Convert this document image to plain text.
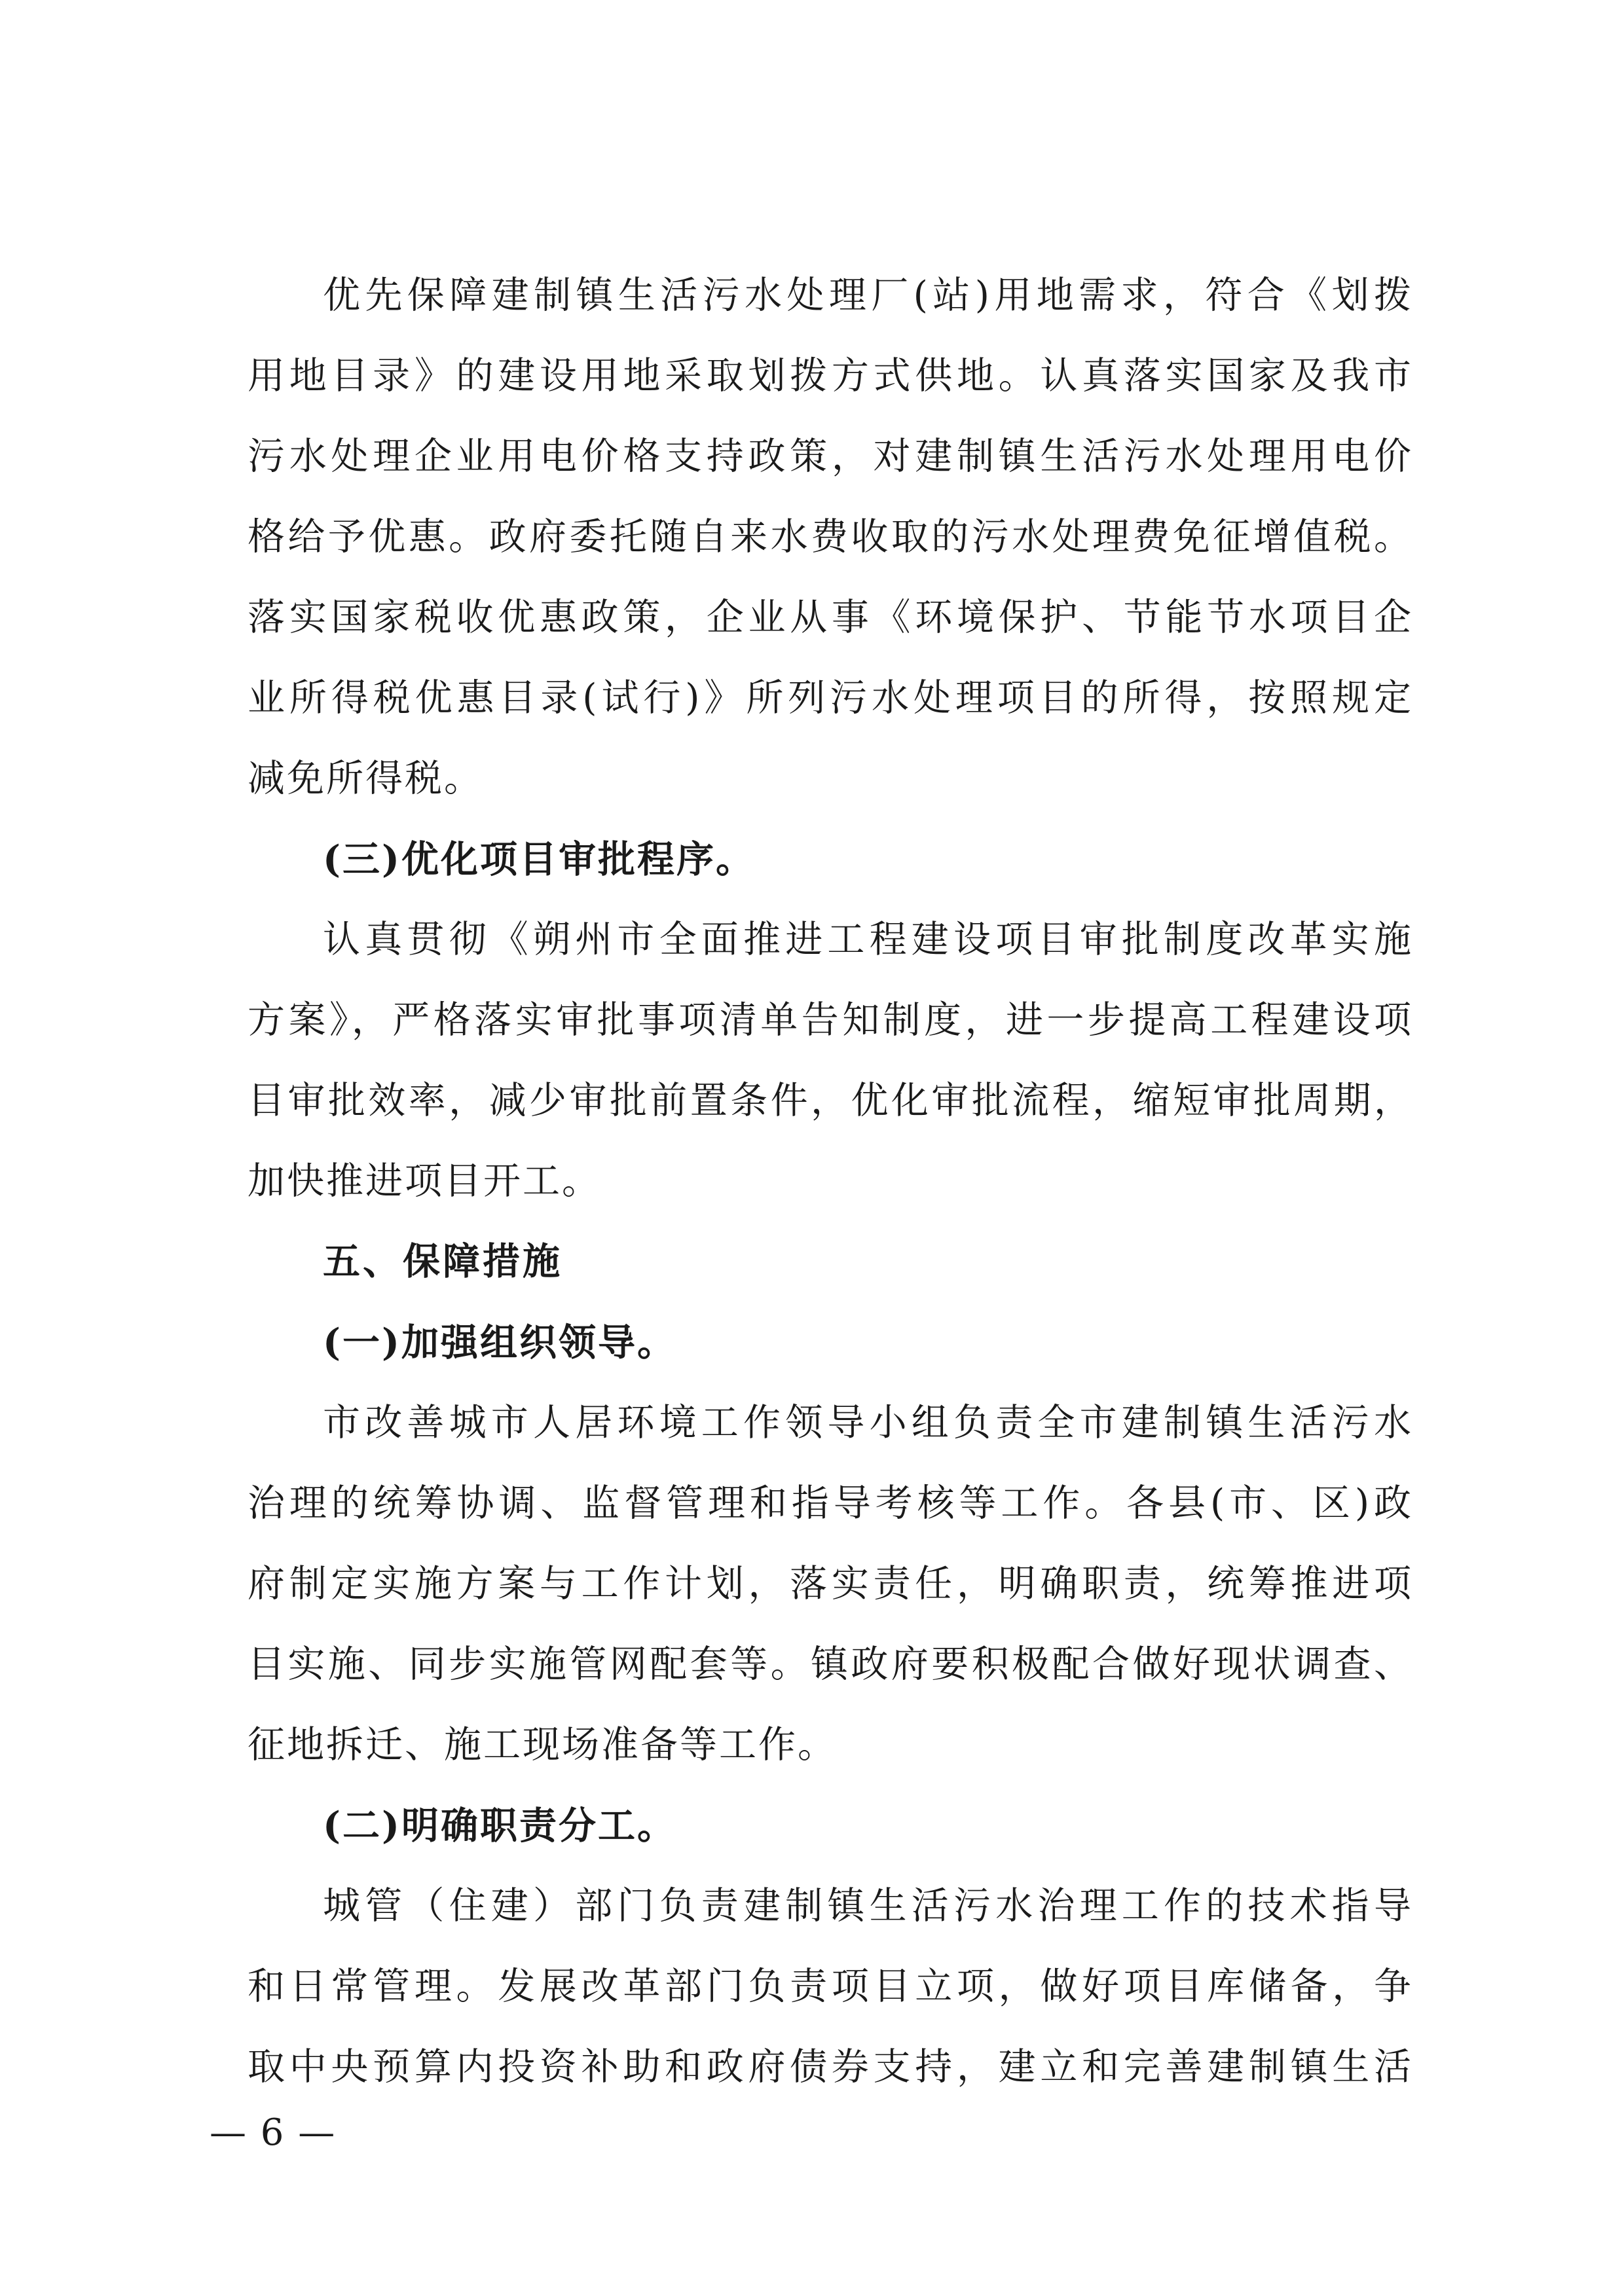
优先保障建制镇生活污水处理厂(站)用地需求，符合《划拨
用地目录》的建设用地采取划拨方式供地。认真落实国家及我市
污水处理企业用电价格支持政策，对建制镇生活污水处理用电价
格给予优惠。政府委托随自来水费收取的污水处理费免征增值税。
落实国家税收优惠政策，企业从事《环境保护、节能节水项目企
业所得税优惠目录(试行)》所列污水处理项目的所得，按照规定
减免所得税。
(三)优化项目审批程序。
认真贯彻《朔州市全面推进工程建设项目审批制度改革实施
方案》，严格落实审批事项清单告知制度，进一步提高工程建设项
目审批效率，减少审批前置条件，优化审批流程，缩短审批周期，
加快推进项目开工。
五、保障措施
(一)加强组织领导。
市改善城市人居环境工作领导小组负责全市建制镇生活污水
治理的统筹协调、监督管理和指导考核等工作。各县(市、区)政
府制定实施方案与工作计划，落实责任，明确职责，统筹推进项
目实施、同步实施管网配套等。镇政府要积极配合做好现状调查、
征地拆迁、施工现场准备等工作。
(二)明确职责分工。
城管（住建）部门负责建制镇生活污水治理工作的技术指导
和日常管理。发展改革部门负责项目立项，做好项目库储备，争
取中央预算内投资补助和政府债券支持，建立和完善建制镇生活
— 6 —
